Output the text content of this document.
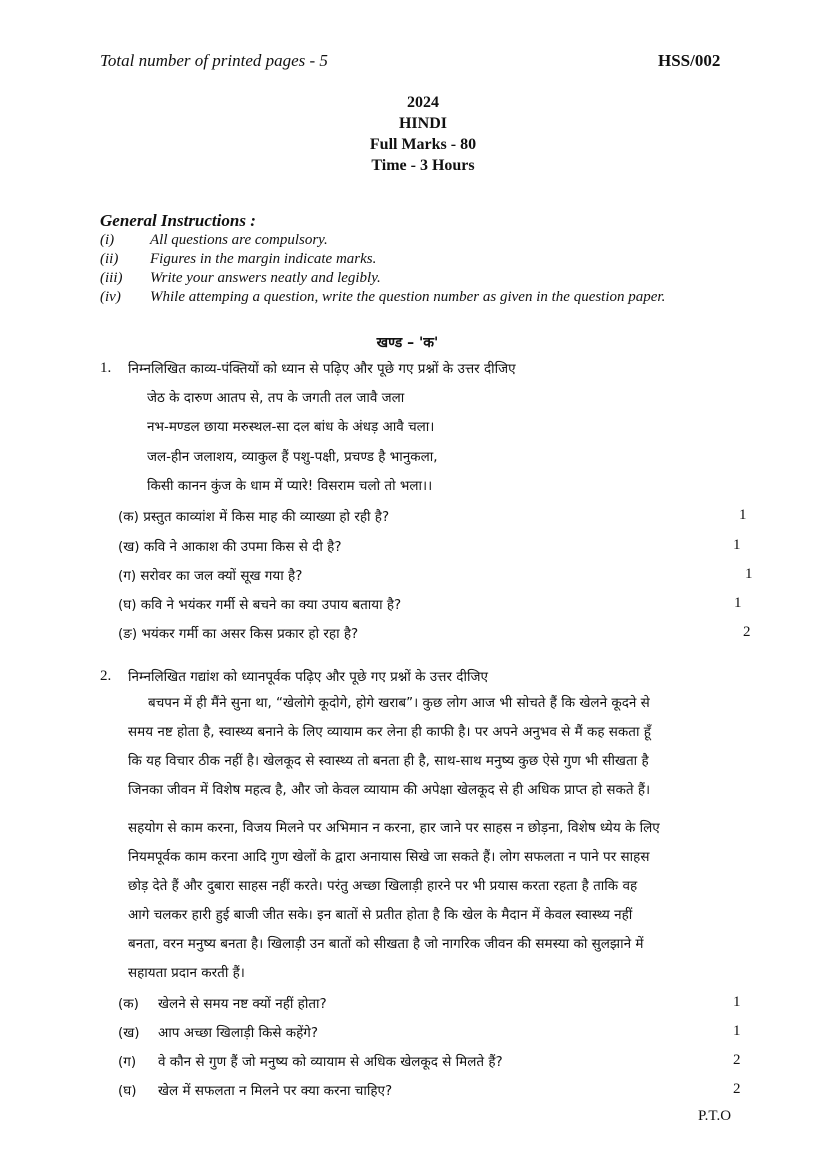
Total number of printed pages - 5	HSS/002
2024
HINDI
Full Marks - 80
Time - 3 Hours
General Instructions :
(i) All questions are compulsory.
(ii) Figures in the margin indicate marks.
(iii) Write your answers neatly and legibly.
(iv) While attemping a question, write the question number as given in the question paper.
खण्ड – 'क'
1. निम्नलिखित काव्य-पंक्तियों को ध्यान से पढ़िए और पूछे गए प्रश्नों के उत्तर दीजिए
जेठ के दारुण आतप से, तप के जगती तल जावै जला
नभ-मण्डल छाया मरुस्थल-सा दल बांध के अंधड़ आवै चला।
जल-हीन जलाशय, व्याकुल हैं पशु-पक्षी, प्रचण्ड है भानुकला,
किसी कानन कुंज के धाम में प्यारे! विसराम चलो तो भला।।
(क) प्रस्तुत काव्यांश में किस माह की व्याख्या हो रही है?	1
(ख) कवि ने आकाश की उपमा किस से दी है?	1
(ग) सरोवर का जल क्यों सूख गया है?	1
(घ) कवि ने भयंकर गर्मी से बचने का क्या उपाय बताया है?	1
(ङ) भयंकर गर्मी का असर किस प्रकार हो रहा है?	2
2. निम्नलिखित गद्यांश को ध्यानपूर्वक पढ़िए और पूछे गए प्रश्नों के उत्तर दीजिए
बचपन में ही मैंने सुना था, “खेलोगे कूदोगे, होगे खराब”। कुछ लोग आज भी सोचते हैं कि खेलने कूदने से
समय नष्ट होता है, स्वास्थ्य बनाने के लिए व्यायाम कर लेना ही काफी है। पर अपने अनुभव से मैं कह सकता हूँ
कि यह विचार ठीक नहीं है। खेलकूद से स्वास्थ्य तो बनता ही है, साथ-साथ मनुष्य कुछ ऐसे गुण भी सीखता है
जिनका जीवन में विशेष महत्व है, और जो केवल व्यायाम की अपेक्षा खेलकूद से ही अधिक प्राप्त हो सकते हैं।
सहयोग से काम करना, विजय मिलने पर अभिमान न करना, हार जाने पर साहस न छोड़ना, विशेष ध्येय के लिए
नियमपूर्वक काम करना आदि गुण खेलों के द्वारा अनायास सिखे जा सकते हैं। लोग सफलता न पाने पर साहस
छोड़ देते हैं और दुबारा साहस नहीं करते। परंतु अच्छा खिलाड़ी हारने पर भी प्रयास करता रहता है ताकि वह
आगे चलकर हारी हुई बाजी जीत सके। इन बातों से प्रतीत होता है कि खेल के मैदान में केवल स्वास्थ्य नहीं
बनता, वरन मनुष्य बनता है। खिलाड़ी उन बातों को सीखता है जो नागरिक जीवन की समस्या को सुलझाने में
सहायता प्रदान करती हैं।
(क) खेलने से समय नष्ट क्यों नहीं होता?	1
(ख) आप अच्छा खिलाड़ी किसे कहेंगे?	1
(ग) वे कौन से गुण हैं जो मनुष्य को व्यायाम से अधिक खेलकूद से मिलते हैं?	2
(घ) खेल में सफलता न मिलने पर क्या करना चाहिए?	2
P.T.O
